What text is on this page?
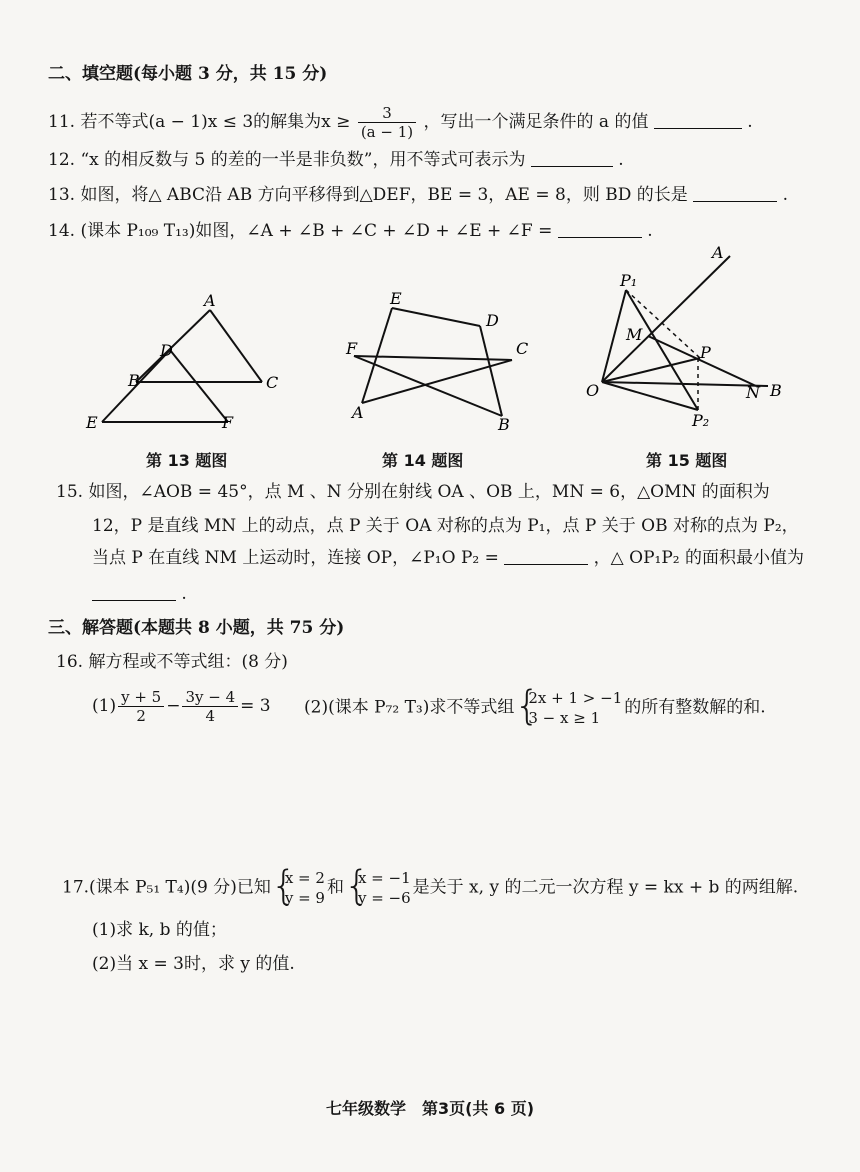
二、填空题(每小题 3 分，共 15 分)
11. 若不等式(a − 1)x ≤ 3的解集为$x \ge \frac{3}{(a - 1)}$ ，写出一个满足条件的 a 的值	.
12. “x 的相反数与 5 的差的一半是非负数”，用不等式可表示为	.
13. 如图，将△ ABC沿 AB 方向平移得到△DEF，BE = 3，AE = 8，则 BD 的长是	.
14. (课本 P₁₀₉ T₁₃)如图，∠A + ∠B + ∠C + ∠D + ∠E + ∠F =	.
A
D
B	C
E	F
第 13 题图
E
D
F	C
A
B
第 14 题图
A
P₁
M
P
O	N B
P₂
第 15 题图
15. 如图，∠AOB = 45°，点 M 、N 分别在射线 OA 、OB 上，MN = 6，△OMN 的面积为
12，P 是直线 MN 上的动点，点 P 关于 OA 对称的点为 P₁，点 P 关于 OB 对称的点为 P₂，
当点 P 在直线 NM 上运动时，连接 OP，∠P₁O P₂ =	，△ OP₁P₂ 的面积最小值为
.
三、解答题(本题共 8 小题，共 75 分)
16. 解方程或不等式组：(8 分)
$(1) \frac{y + 5}{2} - \frac{3y - 4}{4} = 3$ (2)(课本 P₇₂ T₃)求不等式组 {
2x + 1 > −1
3 − x ≥ 1
的所有整数解的和.
17.(课本 P₅₁ T₄)(9 分)已知 {
x = 2
y = 9
和 {
x = −1
y = −6
是关于 x, y 的二元一次方程 y = kx + b 的两组解.
(1)求 k, b 的值；
(2)当 x = 3时，求 y 的值.
七年级数学　第3页(共 6 页)
